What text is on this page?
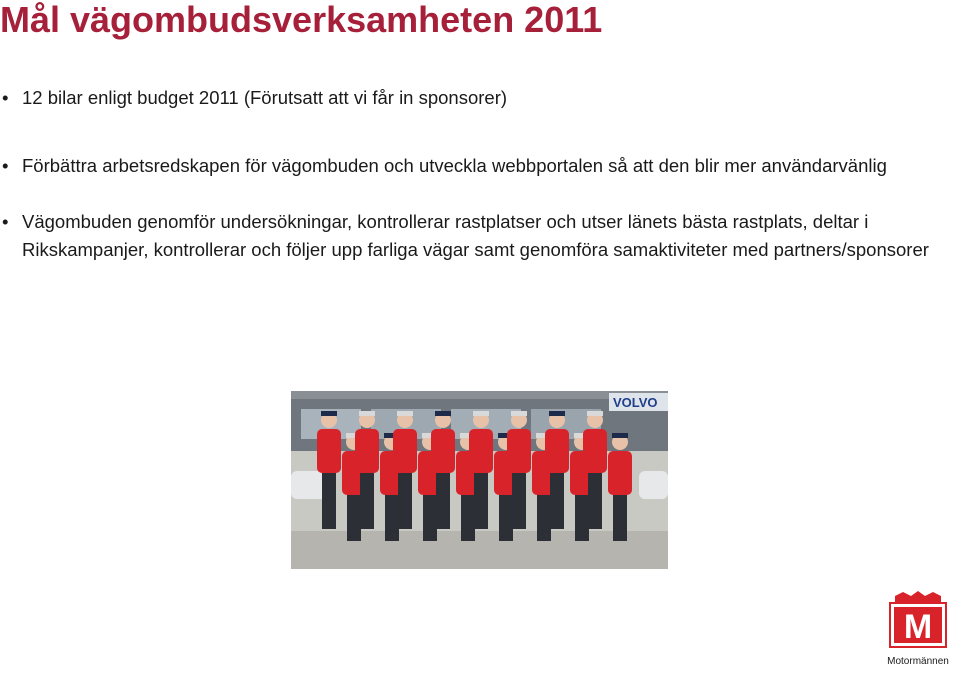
Mål vägombudsverksamheten 2011
• 12 bilar enligt budget 2011 (Förutsatt att vi får in sponsorer)
• Förbättra arbetsredskapen för vägombuden och utveckla webbportalen så att den blir mer användarvänlig
• Vägombuden genomför undersökningar, kontrollerar rastplatser och utser länets bästa rastplats, deltar i Rikskampanjer, kontrollerar och följer upp farliga vägar samt genomföra samaktiviteter med partners/sponsorer
VOLVO
M
Motormännen
